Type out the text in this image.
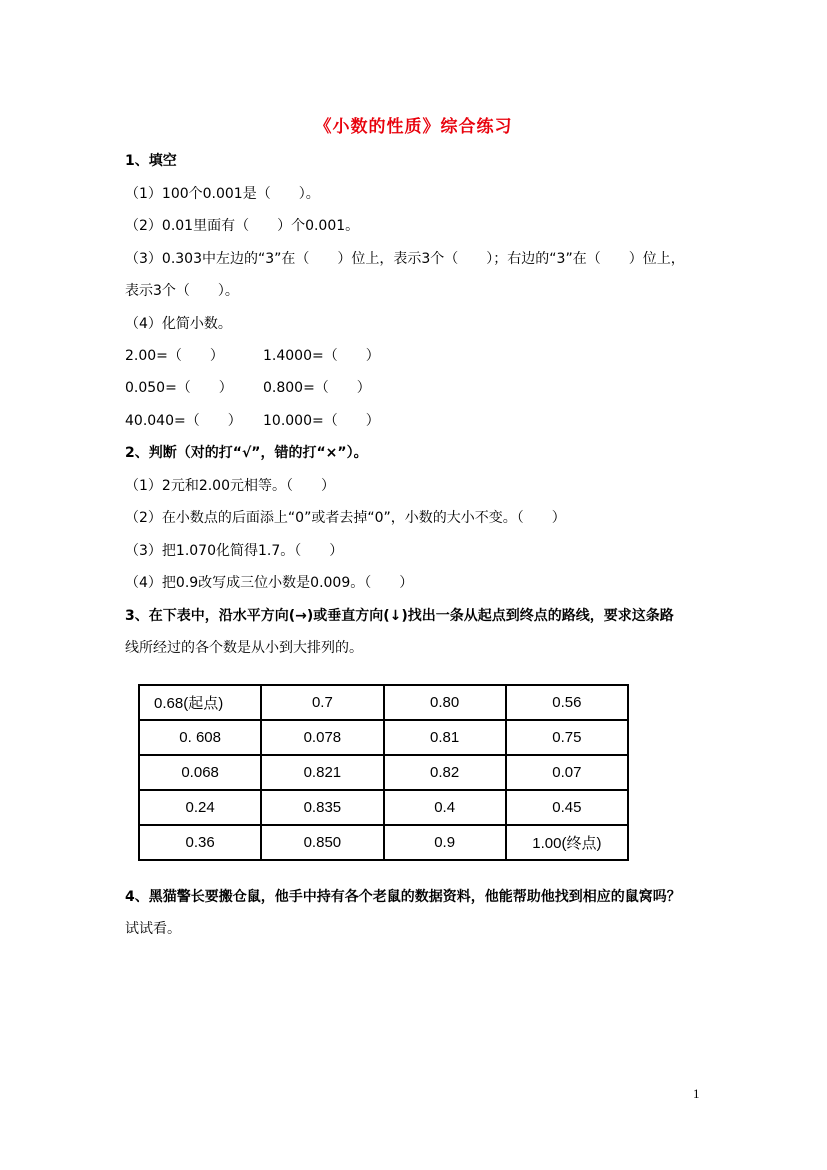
《小数的性质》综合练习
1、填空
（1）100个0.001是（　　）。
（2）0.01里面有（　　）个0.001。
（3）0.303中左边的“3”在（　　）位上，表示3个（　　）；右边的“3”在（　　）位上，
表示3个（　　）。
（4）化简小数。
2.00=（　　）	1.4000=（　　）
0.050=（　　） 0.800=（　　）
40.040=（　　） 10.000=（　　）
2、判断（对的打“√”，错的打“×”）。
（1）2元和2.00元相等。（　　）
（2）在小数点的后面添上“0”或者去掉“0”，小数的大小不变。（　　）
（3）把1.070化简得1.7。（　　）
（4）把0.9改写成三位小数是0.009。（　　）
3、在下表中，沿水平方向(→)或垂直方向(↓)找出一条从起点到终点的路线，要求这条路
线所经过的各个数是从小到大排列的。
0.68(起点)	0.7	0.80	0.56
0. 608	0.078	0.81	0.75
0.068	0.821	0.82	0.07
0.24	0.835	0.4	0.45
0.36	0.850	0.9	1.00(终点)
4、黑猫警长要搬仓鼠，他手中持有各个老鼠的数据资料，他能帮助他找到相应的鼠窝吗？
试试看。
1
